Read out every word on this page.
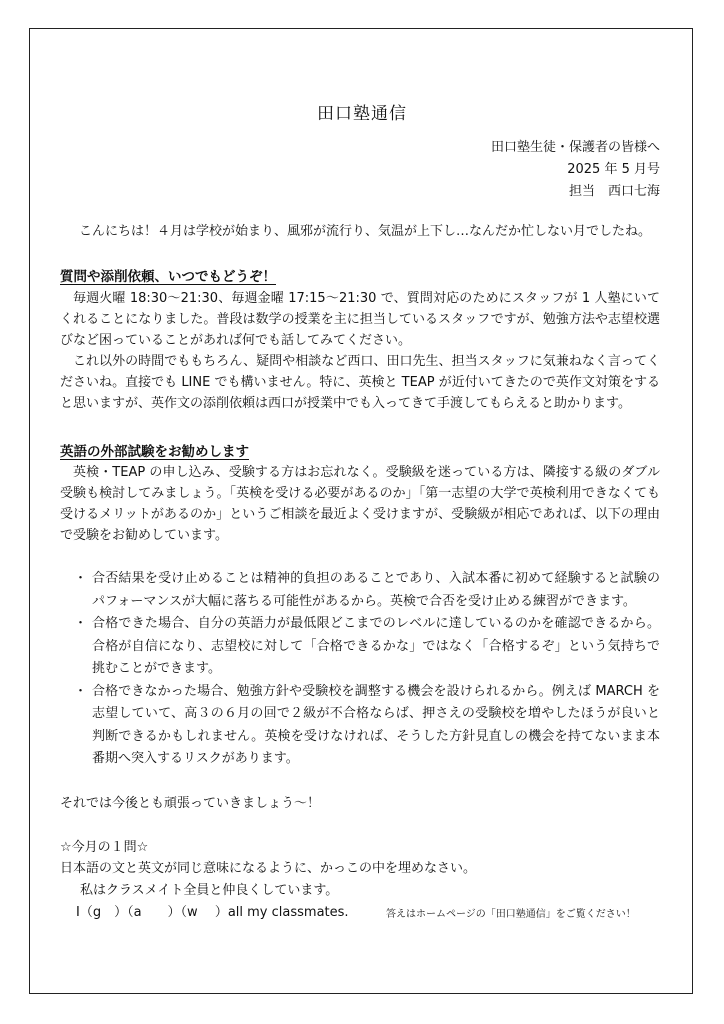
田口塾通信
田口塾生徒・保護者の皆様へ
2025 年 5 月号
担当　西口七海

こんにちは！４月は学校が始まり、風邪が流行り、気温が上下し…なんだか忙しない月でしたね。

質問や添削依頼、いつでもどうぞ！

毎週火曜 18:30～21:30、毎週金曜 17:15～21:30 で、質問対応のためにスタッフが 1 人塾にいてくれることになりました。普段は数学の授業を主に担当しているスタッフですが、勉強方法や志望校選びなど困っていることがあれば何でも話してみてください。

これ以外の時間でももちろん、疑問や相談など西口、田口先生、担当スタッフに気兼ねなく言ってくださいね。直接でも LINE でも構いません。特に、英検と TEAP が近付いてきたので英作文対策をすると思いますが、英作文の添削依頼は西口が授業中でも入ってきて手渡してもらえると助かります。

英語の外部試験をお勧めします

英検・TEAP の申し込み、受験する方はお忘れなく。受験級を迷っている方は、隣接する級のダブル受験も検討してみましょう。「英検を受ける必要があるのか」「第一志望の大学で英検利用できなくても受けるメリットがあるのか」というご相談を最近よく受けますが、受験級が相応であれば、以下の理由で受験をお勧めしています。

・ 合否結果を受け止めることは精神的負担のあることであり、入試本番に初めて経験すると試験のパフォーマンスが大幅に落ちる可能性があるから。英検で合否を受け止める練習ができます。
・ 合格できた場合、自分の英語力が最低限どこまでのレベルに達しているのかを確認できるから。合格が自信になり、志望校に対して「合格できるかな」ではなく「合格するぞ」という気持ちで挑むことができます。
・ 合格できなかった場合、勉強方針や受験校を調整する機会を設けられるから。例えば MARCH を志望していて、高３の６月の回で２級が不合格ならば、押さえの受験校を増やしたほうが良いと判断できるかもしれません。英検を受けなければ、そうした方針見直しの機会を持てないまま本番期へ突入するリスクがあります。
それでは今後とも頑張っていきましょう～！
☆今月の１問☆
日本語の文と英文が同じ意味になるように、かっこの中を埋めなさい。
私はクラスメイト全員と仲良くしています。
I（g　）（a　　）（w　 ）all my classmates.	答えはホームページの「田口塾通信」をご覧ください！
